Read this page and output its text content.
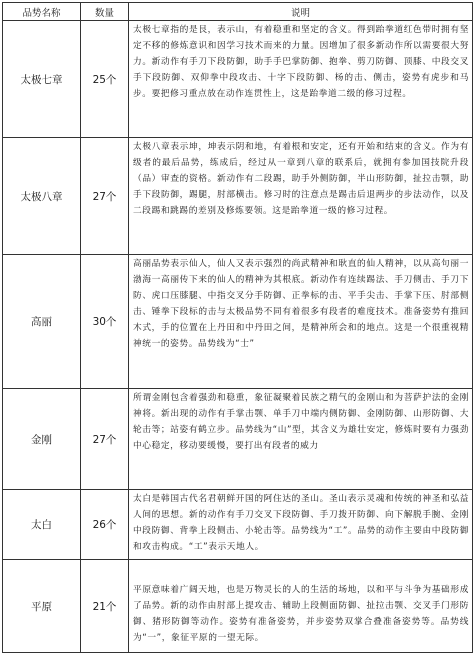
品势名称	数量	说明
太极七章	25个	太极七章指的是艮，表示山，有着稳重和坚定的含义。得到跆拳道红色带时拥有坚定不移的修炼意识和因学习技术而来的力量。因增加了很多新动作所以需要很大努力。新动作有手刀下段防御，助手手巴掌防御、抱拳、剪刀防御、顶膝、中段交叉手下段防御、双仰拳中段攻击、十字下段防御、杨的击、侧击，姿势有虎步和马步。要把修习重点放在动作连贯性上，这是跆拳道二级的修习过程。
太极八章	27个	太极八章表示坤，坤表示阴和地，有着根和安定，还有开始和结束的含义。作为有级者的最后品势，练成后，经过从一章到八章的联系后，就拥有参加国技院升段（品）审查的资格。新动作有二段踢，助手外侧防御，半山形防御，扯拉击颚，助手下段防御，踢腿，肘部横击。修习时的注意点是踢击后退两步的步法动作，以及二段踢和跳踢的差别及修炼要领。这是跆拳道一级的修习过程。
高丽	30个	高丽品势表示仙人，仙人又表示强烈的尚武精神和耿直的仙人精神，以从高句丽一渤海一高丽传下来的仙人的精神为其根底。新动作有连续踢法、手刀侧击、手刀下防、虎口压膝腿、中指交叉分手防御、正拳标的击、平手尖击、手掌下压、肘部侧击、锤拳下段标的击与太极品势不同有着很多有段者的难度技术。准备姿势有推回木式，手的位置在上丹田和中丹田之间，是精神所会和的地点。这是一个很重视精神统一的姿势。品势线为“士”
金刚	27个	所谓金刚包含着强劲和稳重，象征凝聚着民族之精气的金刚山和为菩萨护法的金刚神将。新出现的动作有手掌击颚、单手刀中端内侧防御、金刚防御、山形防御、大轮击等；站姿有鹤立步。品势线为“山”型，其含义为雄壮安定，修炼时要有力强劲中心稳定，移动要缓慢，要打出有段者的威力
太白	26个	太白是韩国古代名君朝鲜开国的阿住达的圣山。圣山表示灵魂和传统的神圣和弘益人间的思想。新的动作有手刀交叉下段防御、手刀拨开防御、向下解脱手腕、金刚中段防御、背拳上段侧击、小轮击等。品势线为“工”。品势的动作主要由中段防御和攻击构成。“工”表示天地人。
平原	21个	平原意味着广阔天地，也是万物灵长的人的生活的场地，以和平与斗争为基础形成了品势。新的动作由肘部上提攻击、辅助上段侧面防御、扯拉击颚、交叉手门形防御、猪形防御等动作。姿势有准备姿势，并步姿势双掌合叠准备姿势等。品势线为“一”，象征平原的一望无际。
